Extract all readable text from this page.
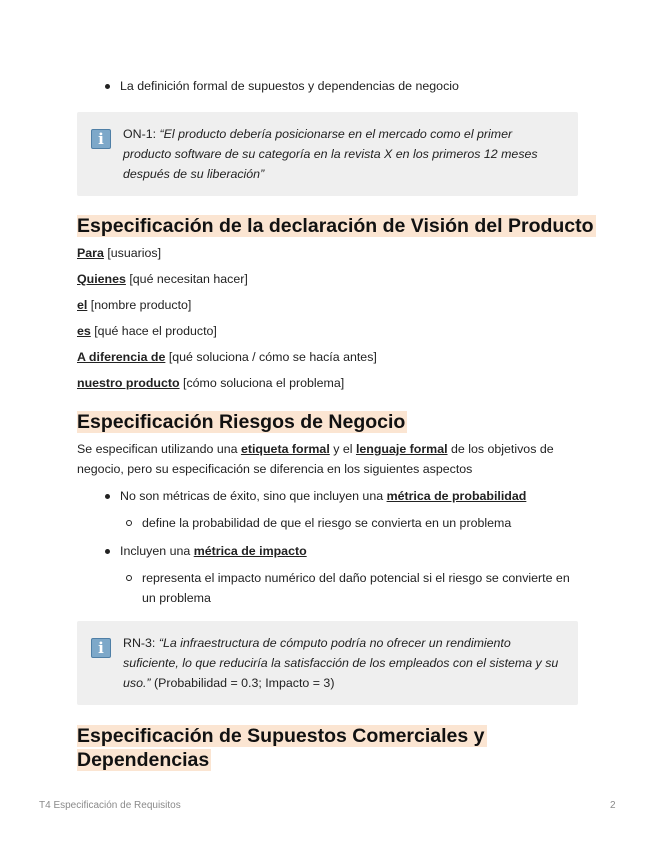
La definición formal de supuestos y dependencias de negocio
i	ON-1: “El producto debería posicionarse en el mercado como el primer producto software de su categoría en la revista X en los primeros 12 meses después de su liberación”
Especificación de la declaración de Visión del Producto

Para [usuarios]

Quienes [qué necesitan hacer]

el [nombre producto]

es [qué hace el producto]

A diferencia de [qué soluciona / cómo se hacía antes]

nuestro producto [cómo soluciona el problema]

Especificación Riesgos de Negocio

Se especifican utilizando una etiqueta formal y el lenguaje formal de los objetivos de negocio, pero su especificación se diferencia en los siguientes aspectos

No son métricas de éxito, sino que incluyen una métrica de probabilidad
define la probabilidad de que el riesgo se convierta en un problema
Incluyen una métrica de impacto
representa el impacto numérico del daño potencial si el riesgo se convierte en un problema
i	RN-3: “La infraestructura de cómputo podría no ofrecer un rendimiento suficiente, lo que reduciría la satisfacción de los empleados con el sistema y su uso.” (Probabilidad = 0.3; Impacto = 3)
Especificación de Supuestos Comerciales y
Dependencias
T4 Especificación de Requisitos	2
